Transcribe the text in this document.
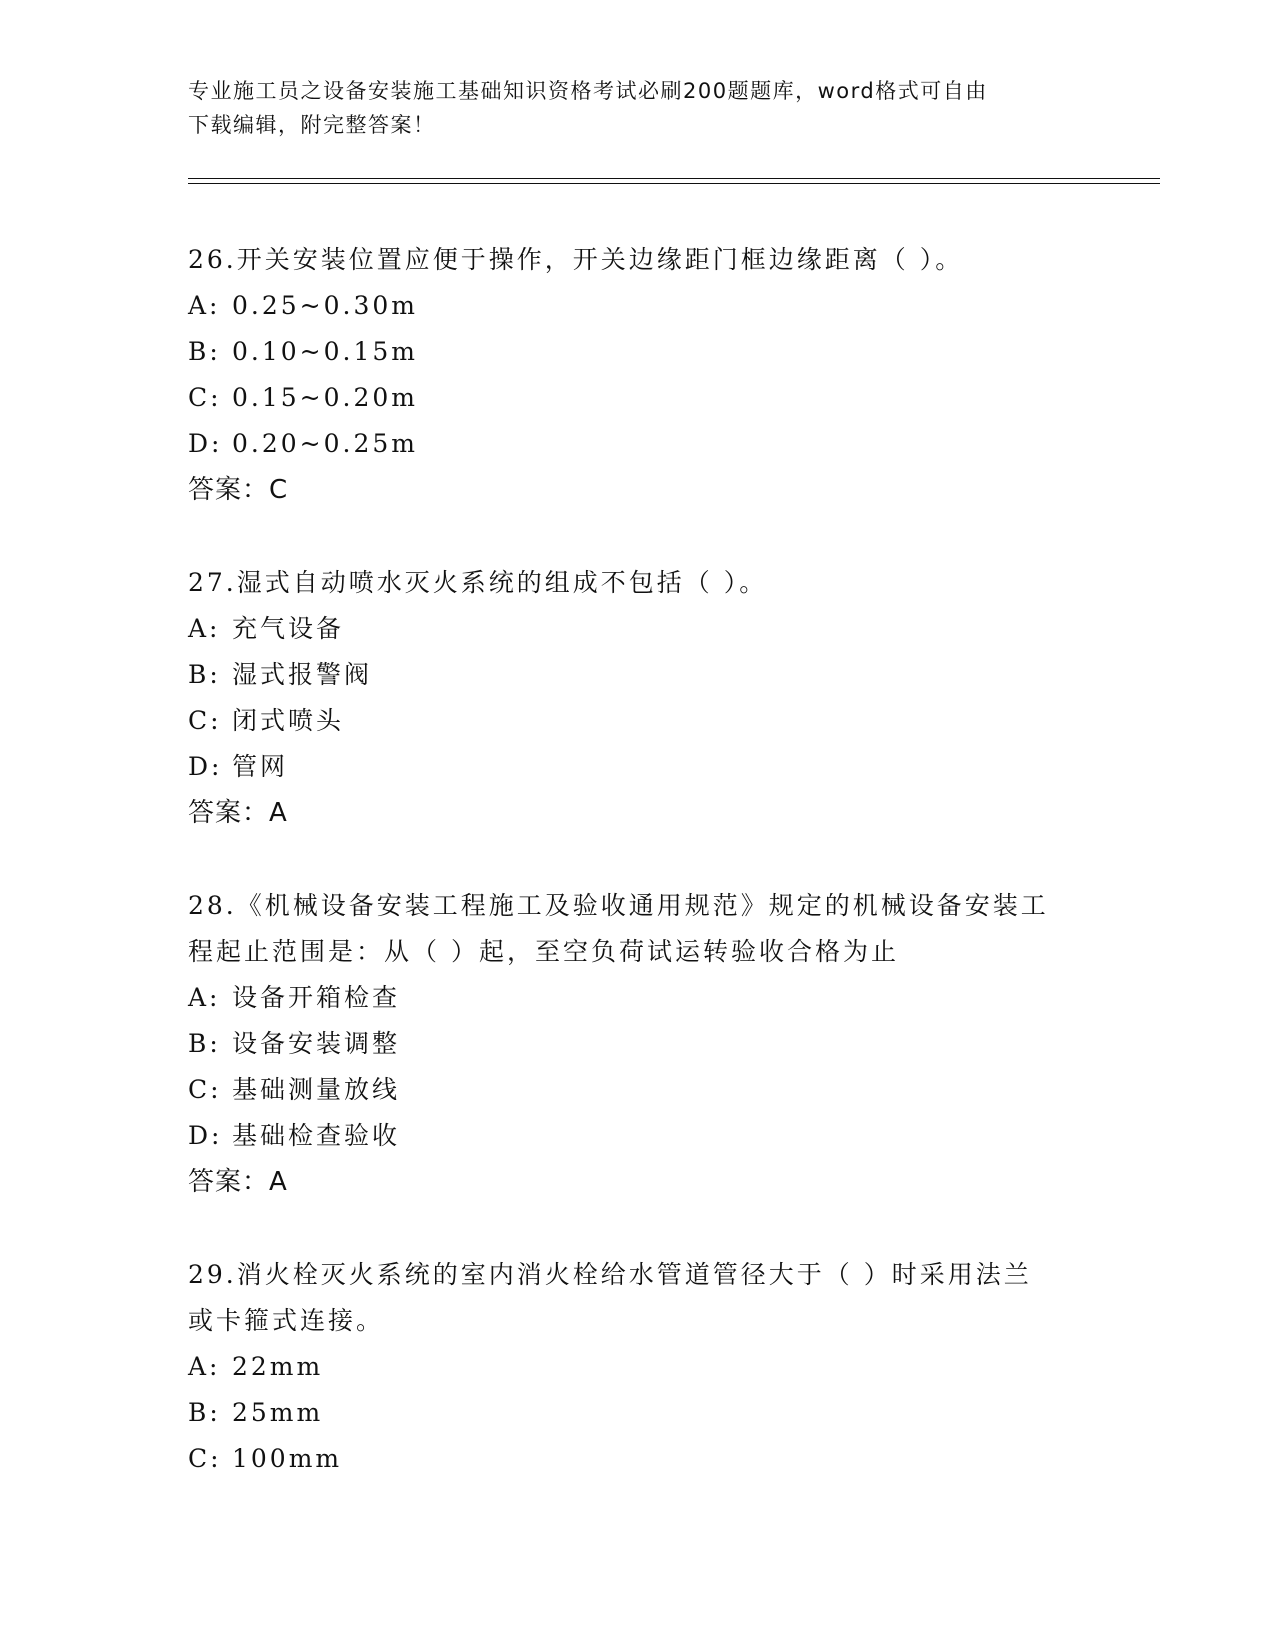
专业施工员之设备安装施工基础知识资格考试必刷200题题库，word格式可自由
下载编辑，附完整答案！
26.开关安装位置应便于操作，开关边缘距门框边缘距离（ ）。
A: 0.25~0.30m
B: 0.10~0.15m
C: 0.15~0.20m
D: 0.20~0.25m
答案：C
27.湿式自动喷水灭火系统的组成不包括（ ）。
A: 充气设备
B: 湿式报警阀
C: 闭式喷头
D: 管网
答案：A
28.《机械设备安装工程施工及验收通用规范》规定的机械设备安装工
程起止范围是：从（ ）起，至空负荷试运转验收合格为止
A: 设备开箱检查
B: 设备安装调整
C: 基础测量放线
D: 基础检查验收
答案：A
29.消火栓灭火系统的室内消火栓给水管道管径大于（ ）时采用法兰
或卡箍式连接。
A: 22mm
B: 25mm
C: 100mm
